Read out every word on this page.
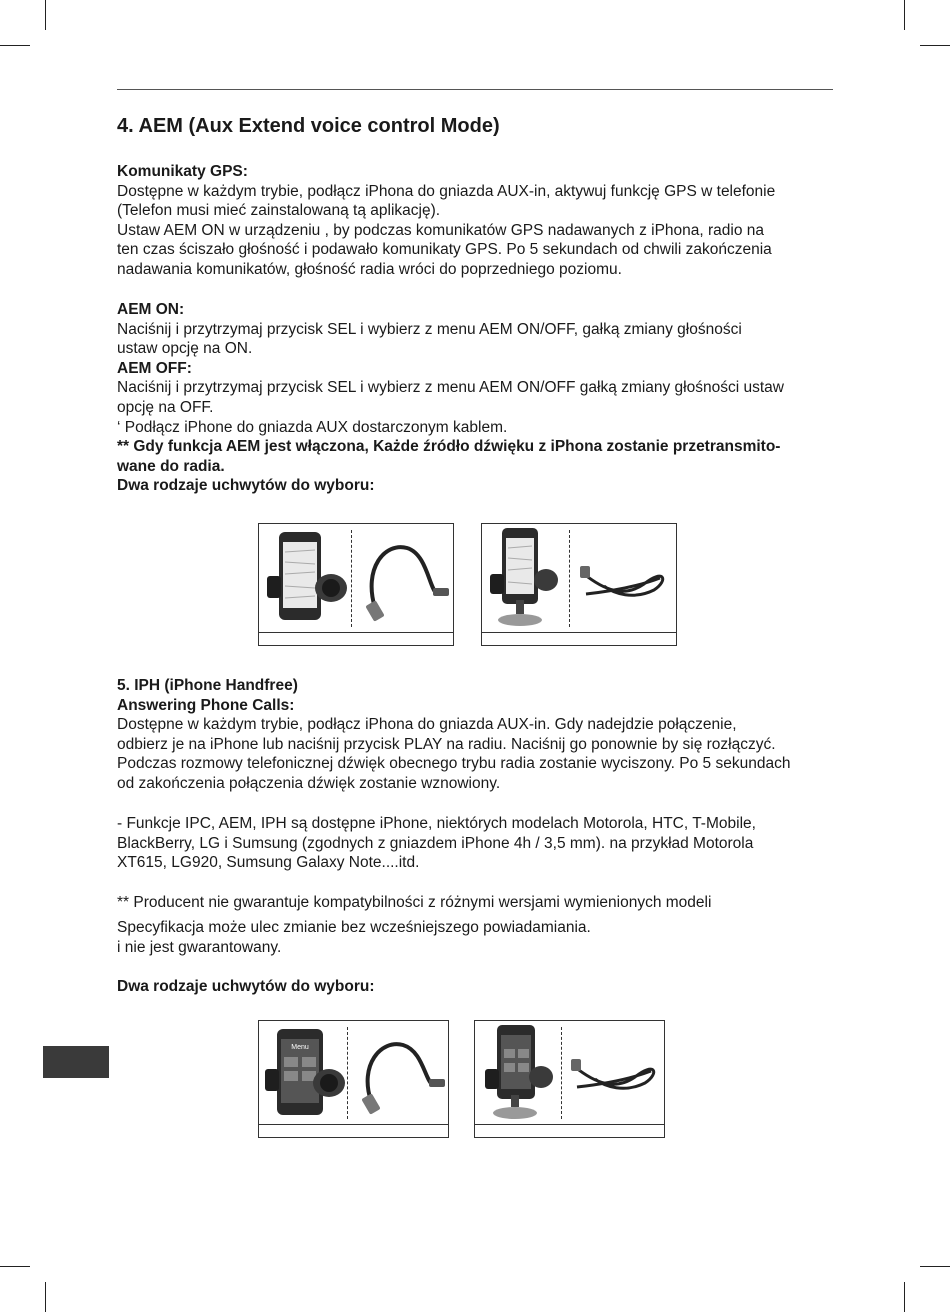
4. AEM (Aux Extend voice control Mode)
Komunikaty GPS:
Dostępne w każdym trybie, podłącz iPhona do gniazda AUX-in, aktywuj funkcję GPS w telefonie
(Telefon musi mieć zainstalowaną tą aplikację).
Ustaw AEM ON w urządzeniu , by podczas komunikatów GPS nadawanych z iPhona, radio na
ten czas ściszało głośność i podawało komunikaty GPS. Po 5 sekundach od chwili zakończenia
nadawania komunikatów, głośność radia wróci do poprzedniego poziomu.
AEM ON:
Naciśnij i przytrzymaj przycisk SEL i wybierz z menu AEM ON/OFF, gałką zmiany głośności
ustaw opcję na ON.
AEM OFF:
Naciśnij i przytrzymaj przycisk SEL i wybierz z menu AEM ON/OFF gałką zmiany głośności ustaw
opcję na OFF.
‘ Podłącz iPhone do gniazda AUX dostarczonym kablem.
** Gdy funkcja AEM jest włączona, Każde źródło dźwięku z iPhona zostanie przetransmito-
wane do radia.
Dwa rodzaje uchwytów do wyboru:
5. IPH (iPhone Handfree)
Answering Phone Calls:
Dostępne w każdym trybie, podłącz iPhona do gniazda AUX-in. Gdy nadejdzie połączenie,
odbierz je na iPhone lub naciśnij przycisk PLAY na radiu. Naciśnij go ponownie by się rozłączyć.
Podczas rozmowy telefonicznej dźwięk obecnego trybu radia zostanie wyciszony. Po 5 sekundach
od zakończenia połączenia dźwięk zostanie wznowiony.
- Funkcje IPC, AEM, IPH są dostępne iPhone, niektórych modelach Motorola, HTC, T-Mobile,
BlackBerry, LG i Sumsung (zgodnych z gniazdem iPhone 4h / 3,5 mm). na przykład Motorola
XT615, LG920, Sumsung Galaxy Note....itd.
** Producent nie gwarantuje kompatybilności z różnymi wersjami wymienionych modeli
Specyfikacja może ulec zmianie bez wcześniejszego powiadamiania.
i nie jest gwarantowany.
Dwa rodzaje uchwytów do wyboru:
Menu
